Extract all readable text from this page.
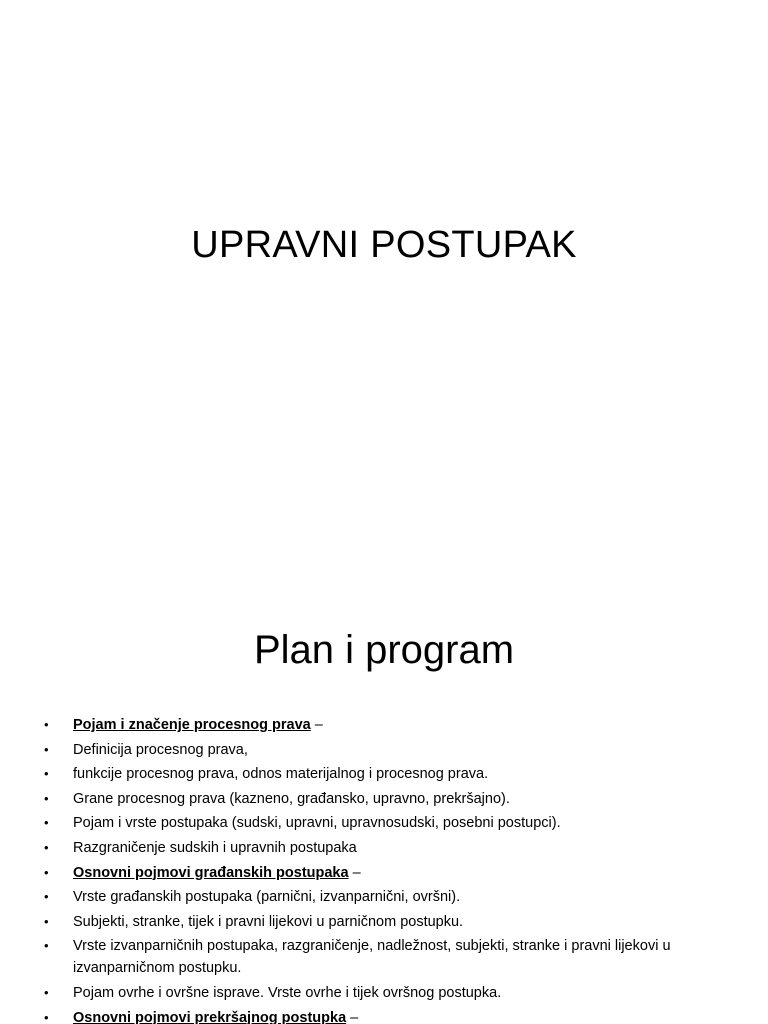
UPRAVNI POSTUPAK
Plan i program
•	Pojam i značenje procesnog prava –
•	Definicija procesnog prava,
•	funkcije procesnog prava, odnos materijalnog i procesnog prava.
•	Grane procesnog prava (kazneno, građansko, upravno, prekršajno).
•	Pojam i vrste postupaka (sudski, upravni, upravnosudski, posebni postupci).
•	Razgraničenje sudskih i upravnih postupaka
•	Osnovni pojmovi građanskih postupaka –
•	Vrste građanskih postupaka (parnični, izvanparnični, ovršni).
•	Subjekti, stranke, tijek i pravni lijekovi u parničnom postupku.
•	Vrste izvanparničnih postupaka, razgraničenje, nadležnost, subjekti, stranke i pravni lijekovi u izvanparničnom postupku.
•	Pojam ovrhe i ovršne isprave. Vrste ovrhe i tijek ovršnog postupka.
•	Osnovni pojmovi prekršajnog postupka –
